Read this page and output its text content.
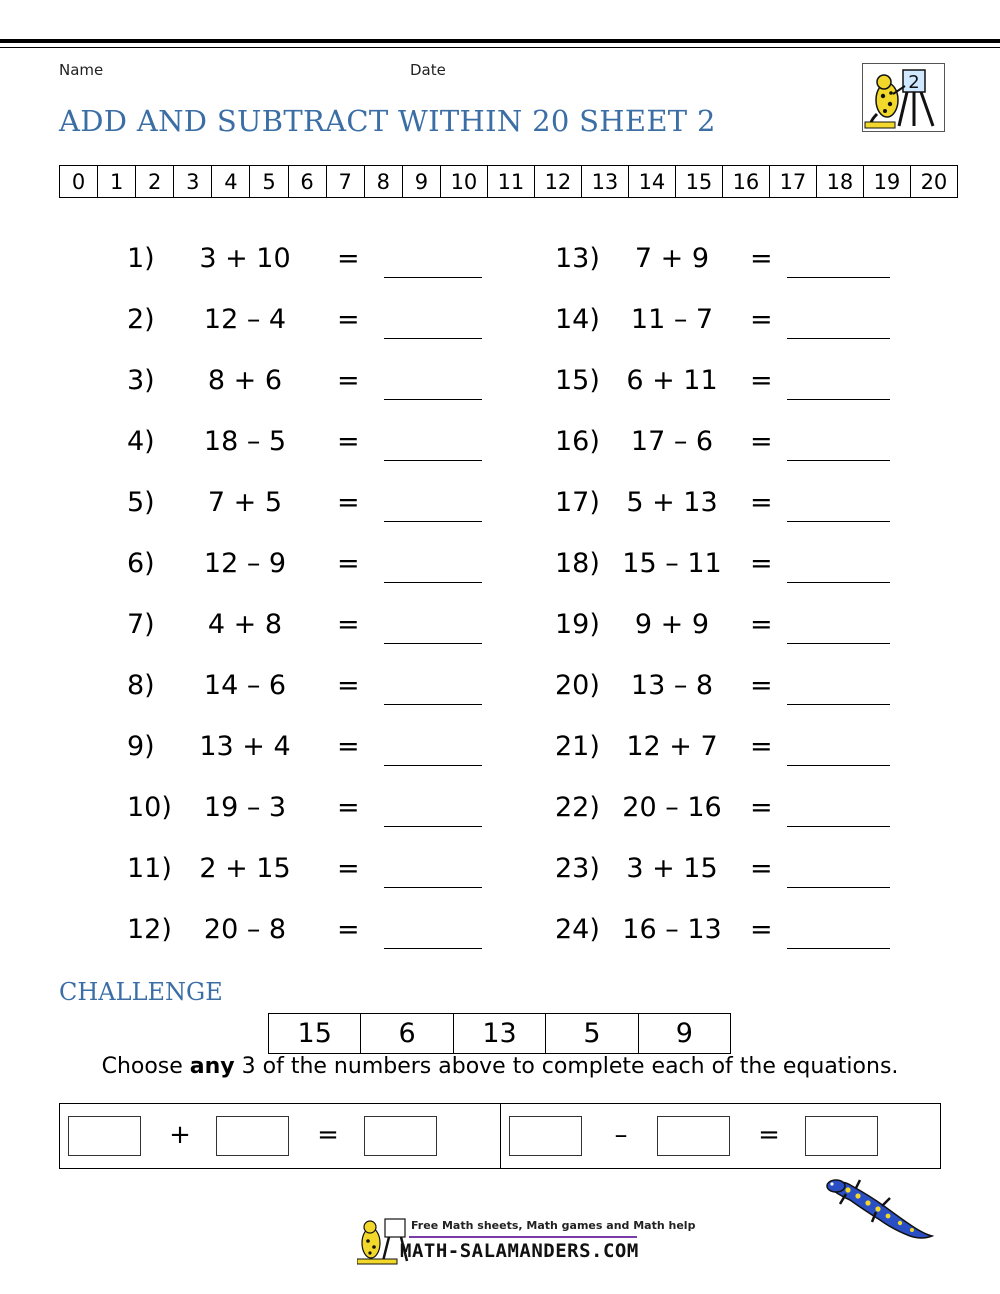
Name	Date
ADD AND SUBTRACT WITHIN 20 SHEET 2
2
0	1	2	3	4	5	6	7	8	9	10 11 12 13 14 15 16 17 18 19 20
1)	3 + 10	=
2)	12 – 4	=
3)	8 + 6	=
4)	18 – 5	=
5)	7 + 5	=
6)	12 – 9	=
7)	4 + 8	=
8)	14 – 6	=
9)	13 + 4	=
10)	19 – 3	=
11)	2 + 15	=
12)	20 – 8	=
13)	7 + 9	=
14)	11 – 7	=
15) 6 + 11	=
16)	17 – 6	=
17) 5 + 13	=
18) 15 – 11	=
19)	9 + 9	=
20)	13 – 8	=
21) 12 + 7	=
22) 20 – 16	=
23) 3 + 15	=
24) 16 – 13	=
CHALLENGE
15	6	13	5	9
Choose any 3 of the numbers above to complete each of the equations.
+	=	–	=
Free Math sheets, Math games and Math help
MATH-SALAMANDERS.COM
